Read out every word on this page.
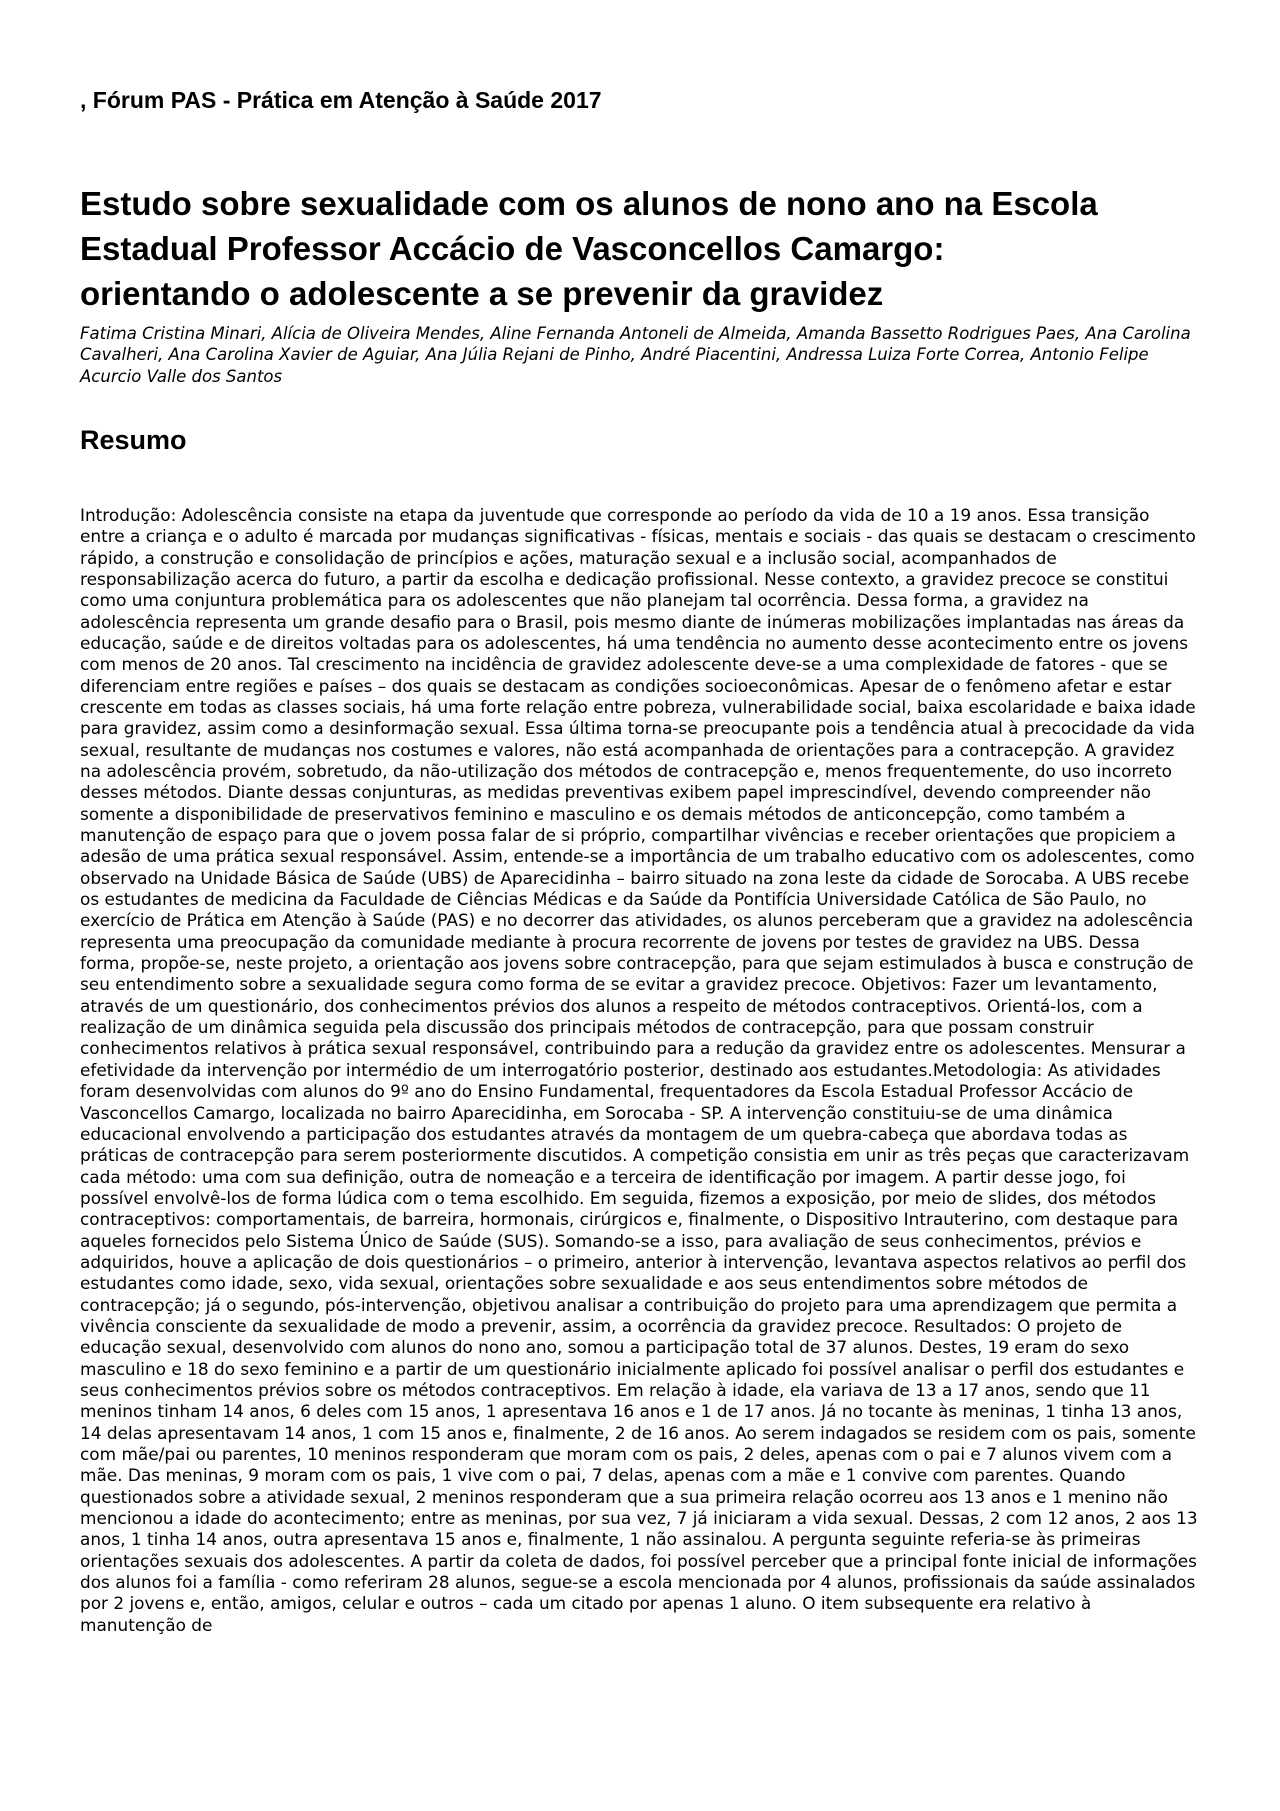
, Fórum PAS - Prática em Atenção à Saúde 2017
Estudo sobre sexualidade com os alunos de nono ano na Escola Estadual Professor Accácio de Vasconcellos Camargo: orientando o adolescente a se prevenir da gravidez
Fatima Cristina Minari, Alícia de Oliveira Mendes, Aline Fernanda Antoneli de Almeida, Amanda Bassetto Rodrigues Paes, Ana Carolina Cavalheri, Ana Carolina Xavier de Aguiar, Ana Júlia Rejani de Pinho, André Piacentini, Andressa Luiza Forte Correa, Antonio Felipe Acurcio Valle dos Santos
Resumo

Introdução: Adolescência consiste na etapa da juventude que corresponde ao período da vida de 10 a 19 anos. Essa transição entre a criança e o adulto é marcada por mudanças significativas - físicas, mentais e sociais - das quais se destacam o crescimento rápido, a construção e consolidação de princípios e ações, maturação sexual e a inclusão social, acompanhados de responsabilização acerca do futuro, a partir da escolha e dedicação profissional. Nesse contexto, a gravidez precoce se constitui como uma conjuntura problemática para os adolescentes que não planejam tal ocorrência. Dessa forma, a gravidez na adolescência representa um grande desafio para o Brasil, pois mesmo diante de inúmeras mobilizações implantadas nas áreas da educação, saúde e de direitos voltadas para os adolescentes, há uma tendência no aumento desse acontecimento entre os jovens com menos de 20 anos. Tal crescimento na incidência de gravidez adolescente deve-se a uma complexidade de fatores - que se diferenciam entre regiões e países – dos quais se destacam as condições socioeconômicas. Apesar de o fenômeno afetar e estar crescente em todas as classes sociais, há uma forte relação entre pobreza, vulnerabilidade social, baixa escolaridade e baixa idade para gravidez, assim como a desinformação sexual. Essa última torna-se preocupante pois a tendência atual à precocidade da vida sexual, resultante de mudanças nos costumes e valores, não está acompanhada de orientações para a contracepção. A gravidez na adolescência provém, sobretudo, da não-utilização dos métodos de contracepção e, menos frequentemente, do uso incorreto desses métodos. Diante dessas conjunturas, as medidas preventivas exibem papel imprescindível, devendo compreender não somente a disponibilidade de preservativos feminino e masculino e os demais métodos de anticoncepção, como também a manutenção de espaço para que o jovem possa falar de si próprio, compartilhar vivências e receber orientações que propiciem a adesão de uma prática sexual responsável. Assim, entende-se a importância de um trabalho educativo com os adolescentes, como observado na Unidade Básica de Saúde (UBS) de Aparecidinha – bairro situado na zona leste da cidade de Sorocaba. A UBS recebe os estudantes de medicina da Faculdade de Ciências Médicas e da Saúde da Pontifícia Universidade Católica de São Paulo, no exercício de Prática em Atenção à Saúde (PAS) e no decorrer das atividades, os alunos perceberam que a gravidez na adolescência representa uma preocupação da comunidade mediante à procura recorrente de jovens por testes de gravidez na UBS. Dessa forma, propõe-se, neste projeto, a orientação aos jovens sobre contracepção, para que sejam estimulados à busca e construção de seu entendimento sobre a sexualidade segura como forma de se evitar a gravidez precoce. Objetivos: Fazer um levantamento, através de um questionário, dos conhecimentos prévios dos alunos a respeito de métodos contraceptivos. Orientá-los, com a realização de um dinâmica seguida pela discussão dos principais métodos de contracepção, para que possam construir conhecimentos relativos à prática sexual responsável, contribuindo para a redução da gravidez entre os adolescentes. Mensurar a efetividade da intervenção por intermédio de um interrogatório posterior, destinado aos estudantes.Metodologia: As atividades foram desenvolvidas com alunos do 9º ano do Ensino Fundamental, frequentadores da Escola Estadual Professor Accácio de Vasconcellos Camargo, localizada no bairro Aparecidinha, em Sorocaba - SP. A intervenção constituiu-se de uma dinâmica educacional envolvendo a participação dos estudantes através da montagem de um quebra-cabeça que abordava todas as práticas de contracepção para serem posteriormente discutidos. A competição consistia em unir as três peças que caracterizavam cada método: uma com sua definição, outra de nomeação e a terceira de identificação por imagem. A partir desse jogo, foi possível envolvê-los de forma lúdica com o tema escolhido. Em seguida, fizemos a exposição, por meio de slides, dos métodos contraceptivos: comportamentais, de barreira, hormonais, cirúrgicos e, finalmente, o Dispositivo Intrauterino, com destaque para aqueles fornecidos pelo Sistema Único de Saúde (SUS). Somando-se a isso, para avaliação de seus conhecimentos, prévios e adquiridos, houve a aplicação de dois questionários – o primeiro, anterior à intervenção, levantava aspectos relativos ao perfil dos estudantes como idade, sexo, vida sexual, orientações sobre sexualidade e aos seus entendimentos sobre métodos de contracepção; já o segundo, pós-intervenção, objetivou analisar a contribuição do projeto para uma aprendizagem que permita a vivência consciente da sexualidade de modo a prevenir, assim, a ocorrência da gravidez precoce. Resultados: O projeto de educação sexual, desenvolvido com alunos do nono ano, somou a participação total de 37 alunos. Destes, 19 eram do sexo masculino e 18 do sexo feminino e a partir de um questionário inicialmente aplicado foi possível analisar o perfil dos estudantes e seus conhecimentos prévios sobre os métodos contraceptivos. Em relação à idade, ela variava de 13 a 17 anos, sendo que 11 meninos tinham 14 anos, 6 deles com 15 anos, 1 apresentava 16 anos e 1 de 17 anos. Já no tocante às meninas, 1 tinha 13 anos, 14 delas apresentavam 14 anos, 1 com 15 anos e, finalmente, 2 de 16 anos. Ao serem indagados se residem com os pais, somente com mãe/pai ou parentes, 10 meninos responderam que moram com os pais, 2 deles, apenas com o pai e 7 alunos vivem com a mãe. Das meninas, 9 moram com os pais, 1 vive com o pai, 7 delas, apenas com a mãe e 1 convive com parentes. Quando questionados sobre a atividade sexual, 2 meninos responderam que a sua primeira relação ocorreu aos 13 anos e 1 menino não mencionou a idade do acontecimento; entre as meninas, por sua vez, 7 já iniciaram a vida sexual. Dessas, 2 com 12 anos, 2 aos 13 anos, 1 tinha 14 anos, outra apresentava 15 anos e, finalmente, 1 não assinalou. A pergunta seguinte referia-se às primeiras orientações sexuais dos adolescentes. A partir da coleta de dados, foi possível perceber que a principal fonte inicial de informações dos alunos foi a família - como referiram 28 alunos, segue-se a escola mencionada por 4 alunos, profissionais da saúde assinalados por 2 jovens e, então, amigos, celular e outros – cada um citado por apenas 1 aluno. O item subsequente era relativo à manutenção de
